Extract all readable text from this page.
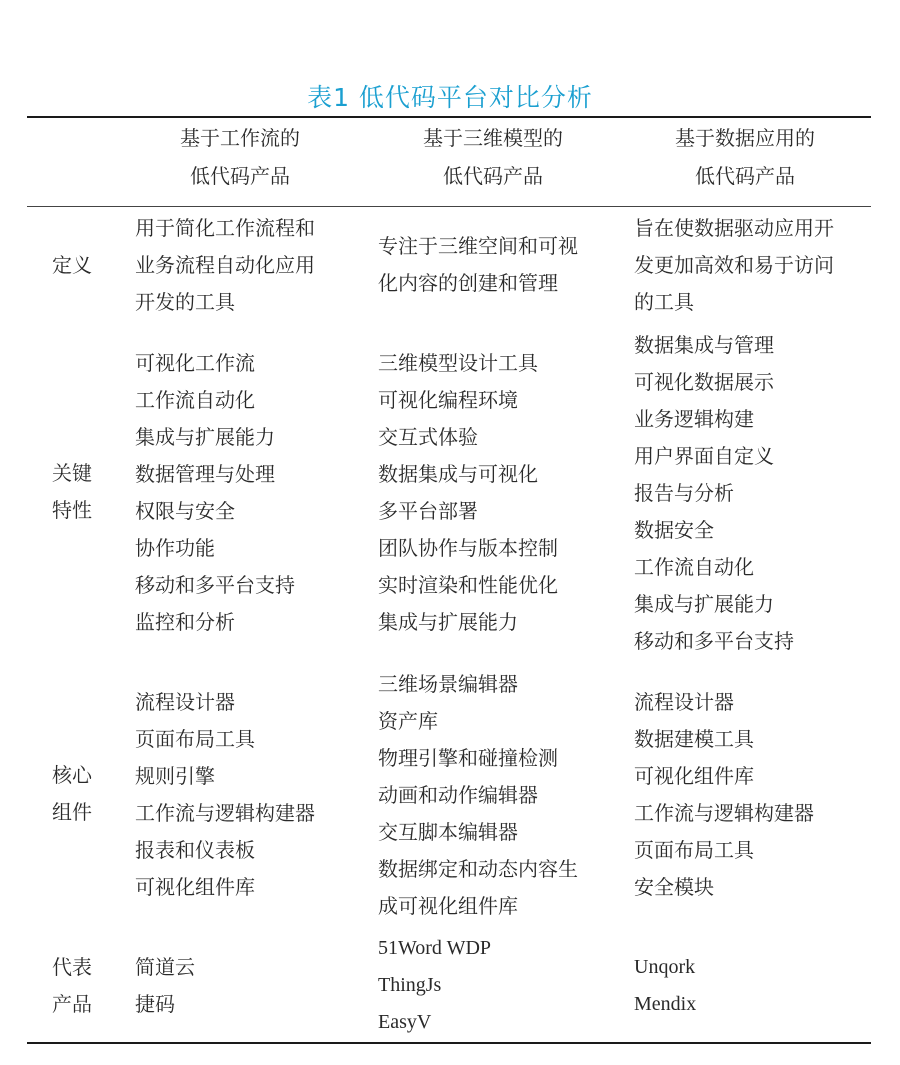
表1 低代码平台对比分析
基于工作流的
低代码产品
基于三维模型的
低代码产品
基于数据应用的
低代码产品
定义
用于简化工作流程和
业务流程自动化应用
开发的工具
专注于三维空间和可视
化内容的创建和管理
旨在使数据驱动应用开
发更加高效和易于访问
的工具
关键
特性
可视化工作流
工作流自动化
集成与扩展能力
数据管理与处理
权限与安全
协作功能
移动和多平台支持
监控和分析
三维模型设计工具
可视化编程环境
交互式体验
数据集成与可视化
多平台部署
团队协作与版本控制
实时渲染和性能优化
集成与扩展能力
数据集成与管理
可视化数据展示
业务逻辑构建
用户界面自定义
报告与分析
数据安全
工作流自动化
集成与扩展能力
移动和多平台支持
核心
组件
流程设计器
页面布局工具
规则引擎
工作流与逻辑构建器
报表和仪表板
可视化组件库
三维场景编辑器
资产库
物理引擎和碰撞检测
动画和动作编辑器
交互脚本编辑器
数据绑定和动态内容生
成可视化组件库
流程设计器
数据建模工具
可视化组件库
工作流与逻辑构建器
页面布局工具
安全模块
代表
产品
简道云
捷码
51Word WDP
ThingJs
EasyV
Unqork
Mendix
